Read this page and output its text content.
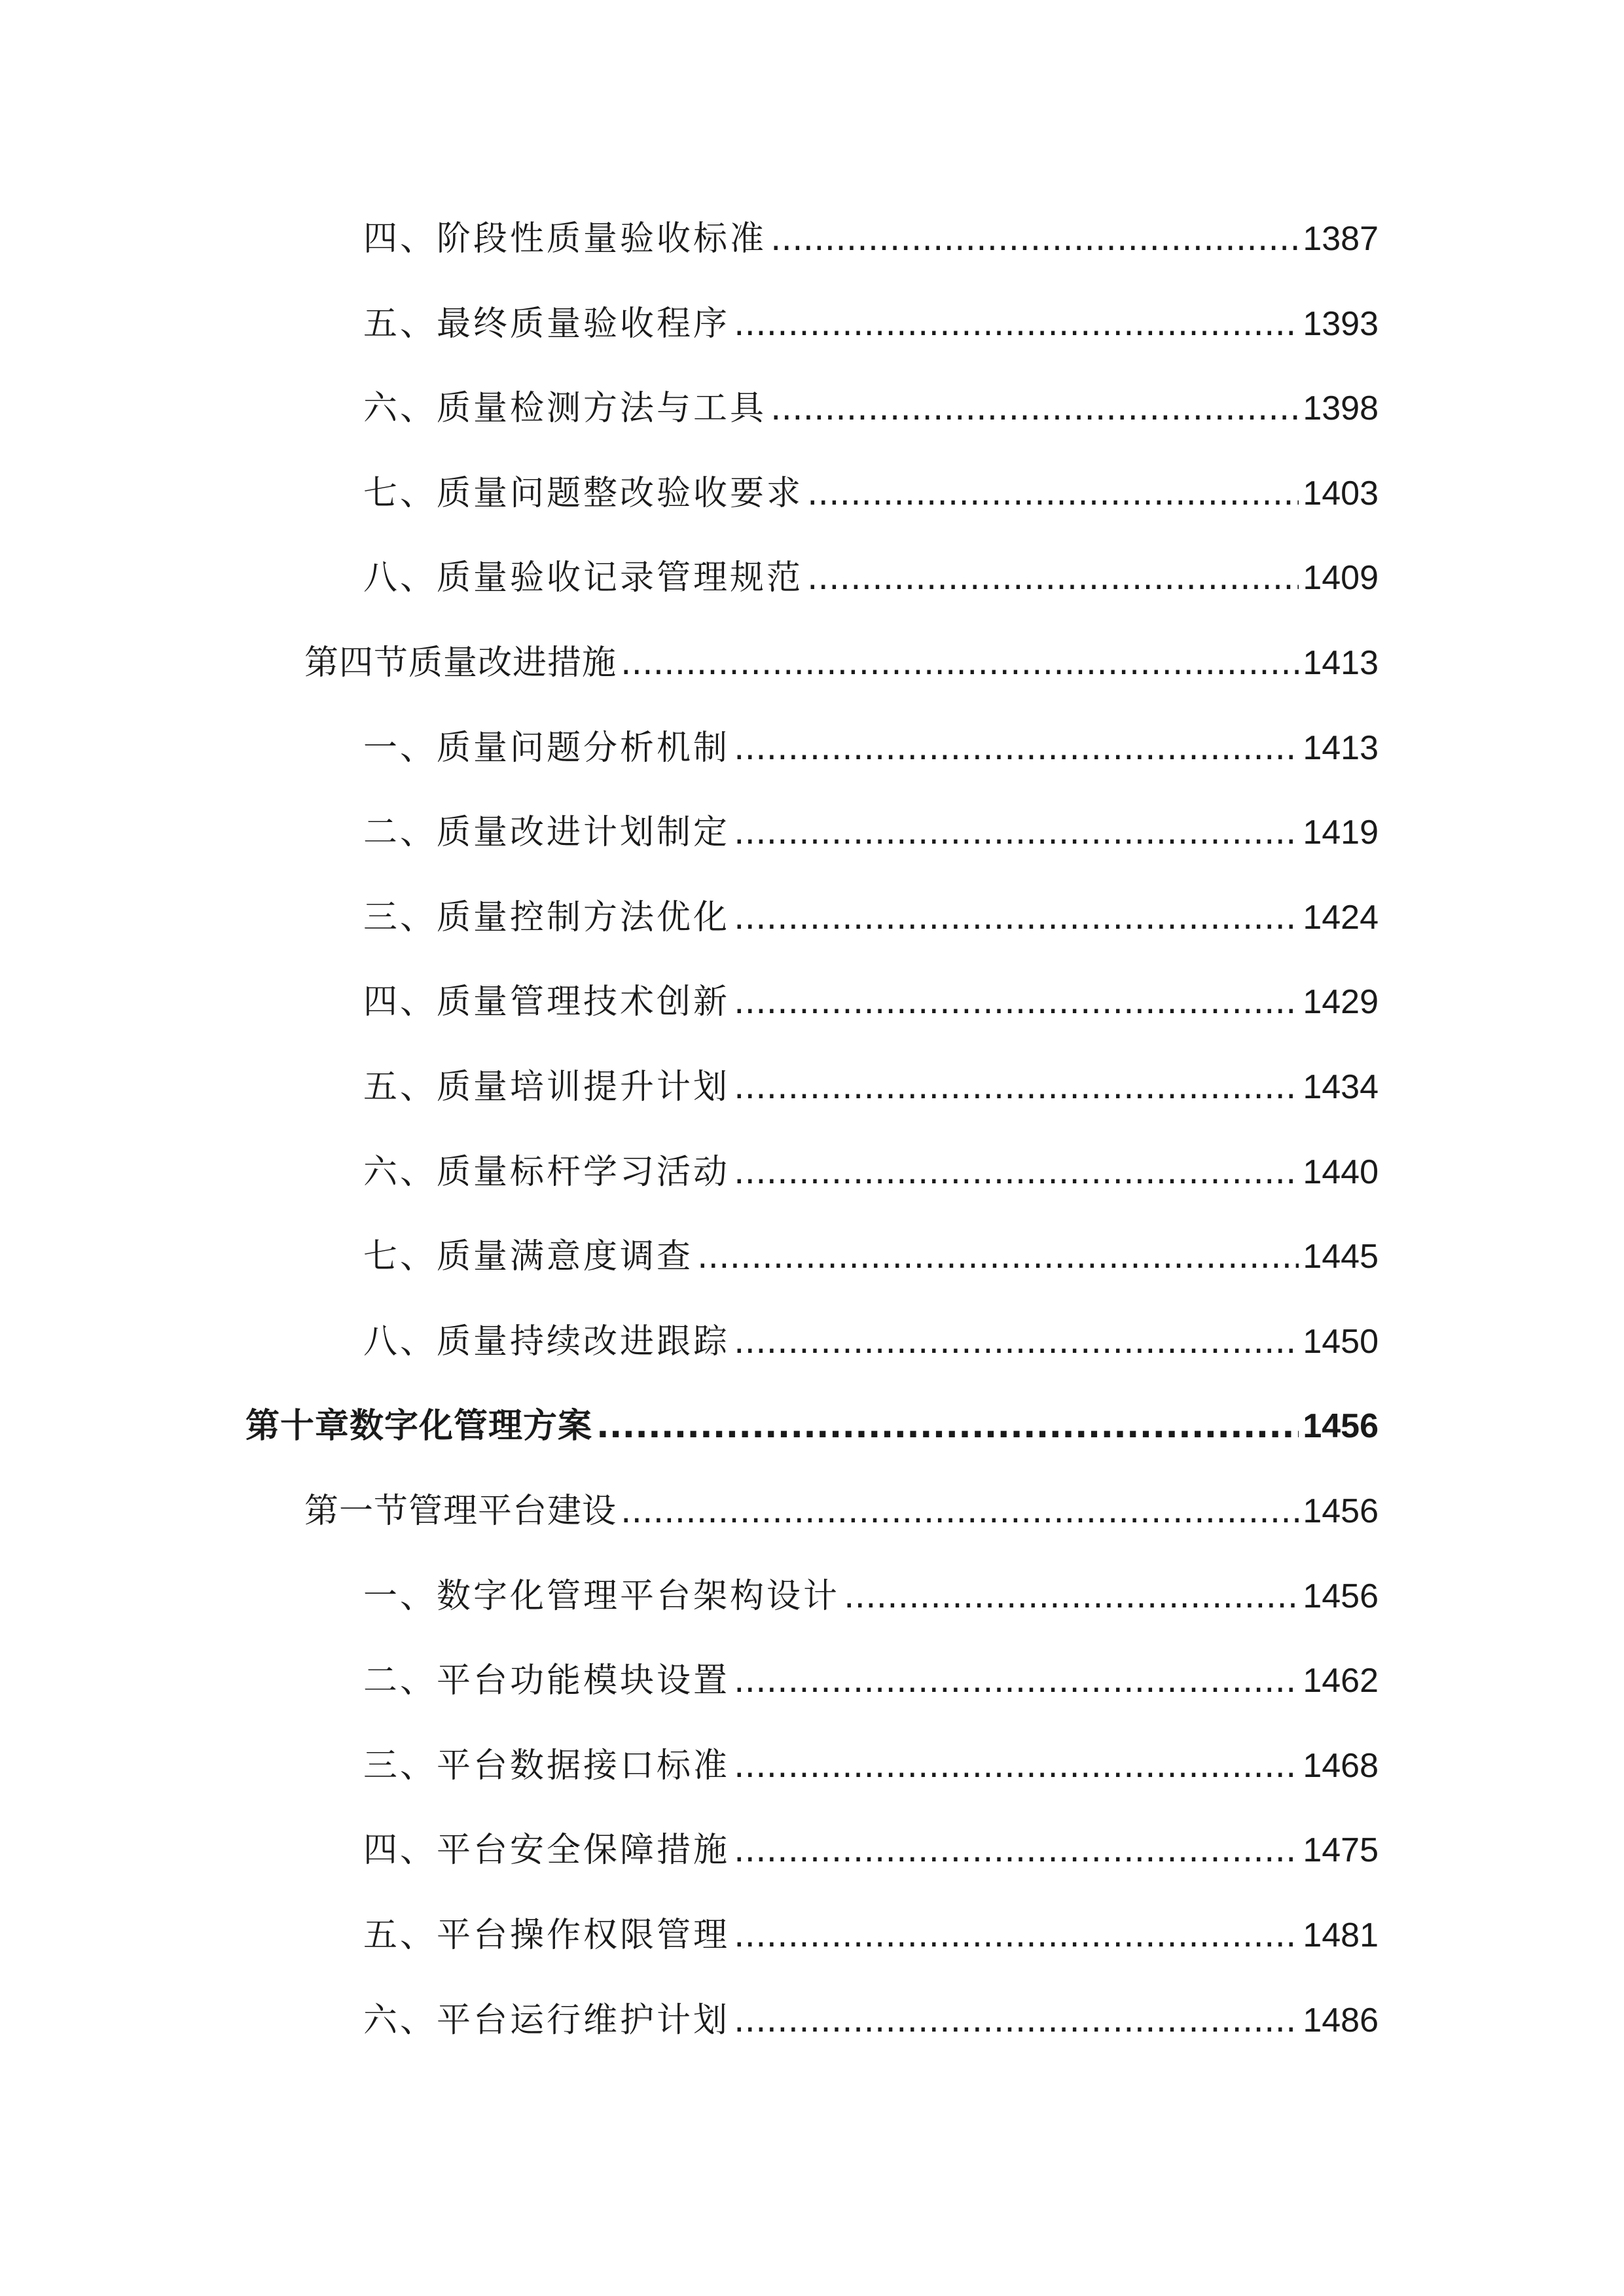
四、阶段性质量验收标准 .....	1387
五、最终质量验收程序 .....	1393
六、质量检测方法与工具 .....	1398
七、质量问题整改验收要求 .....	1403
八、质量验收记录管理规范 .....	1409
第四节质量改进措施 .....	1413
一、质量问题分析机制 .....	1413
二、质量改进计划制定 .....	1419
三、质量控制方法优化 .....	1424
四、质量管理技术创新 .....	1429
五、质量培训提升计划 .....	1434
六、质量标杆学习活动 .....	1440
七、质量满意度调查 .....	1445
八、质量持续改进跟踪 .....	1450
第十章数字化管理方案 .....	1456
第一节管理平台建设 .....	1456
一、数字化管理平台架构设计 .....	1456
二、平台功能模块设置 .....	1462
三、平台数据接口标准 .....	1468
四、平台安全保障措施 .....	1475
五、平台操作权限管理 .....	1481
六、平台运行维护计划 .....	1486
